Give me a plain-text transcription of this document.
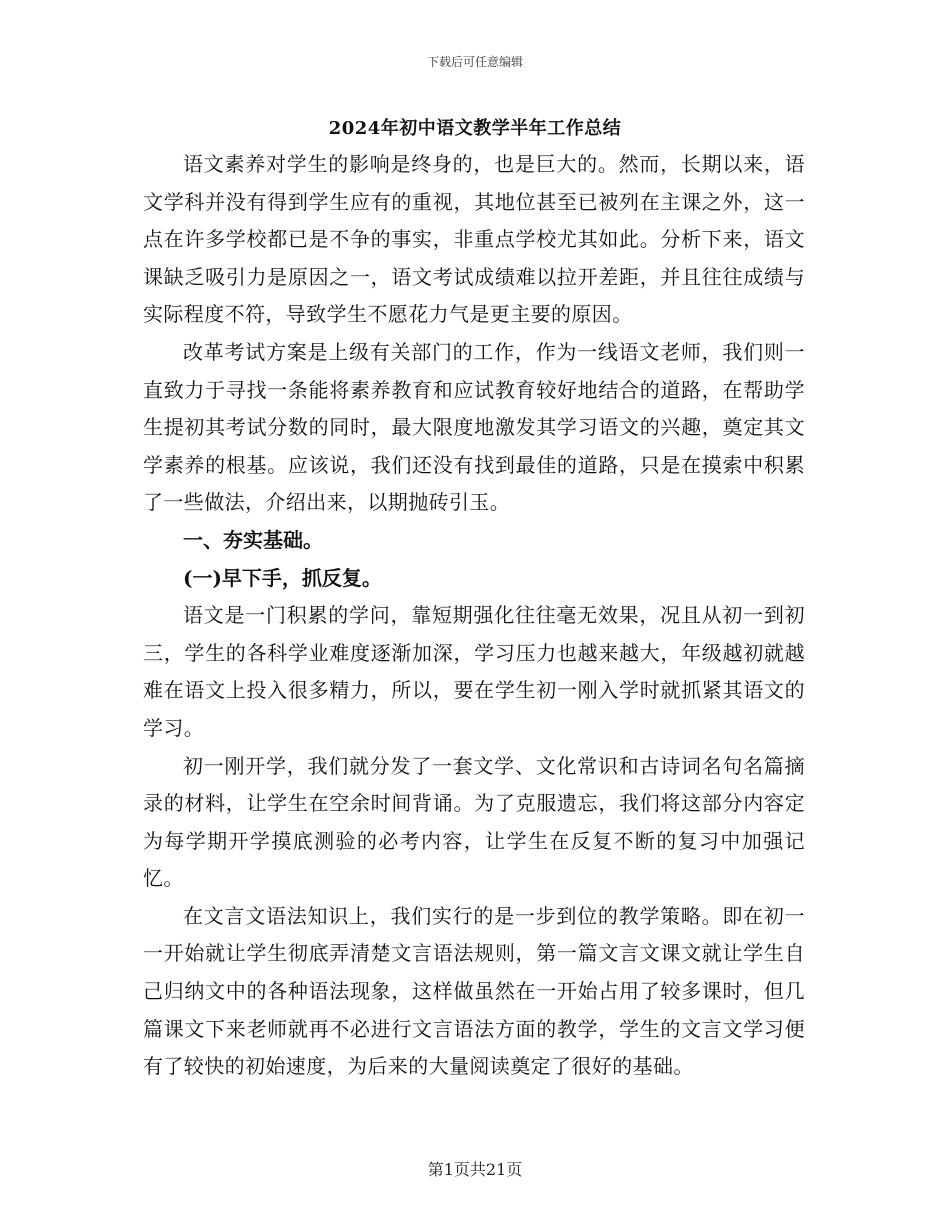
下载后可任意编辑
2024年初中语文教学半年工作总结

语文素养对学生的影响是终身的，也是巨大的。然而，长期以来，语文学科并没有得到学生应有的重视，其地位甚至已被列在主课之外，这一点在许多学校都已是不争的事实，非重点学校尤其如此。分析下来，语文课缺乏吸引力是原因之一，语文考试成绩难以拉开差距，并且往往成绩与实际程度不符，导致学生不愿花力气是更主要的原因。

改革考试方案是上级有关部门的工作，作为一线语文老师，我们则一直致力于寻找一条能将素养教育和应试教育较好地结合的道路，在帮助学生提初其考试分数的同时，最大限度地激发其学习语文的兴趣，奠定其文学素养的根基。应该说，我们还没有找到最佳的道路，只是在摸索中积累了一些做法，介绍出来，以期抛砖引玉。

一、夯实基础。

(一)早下手，抓反复。

语文是一门积累的学问，靠短期强化往往毫无效果，况且从初一到初三，学生的各科学业难度逐渐加深，学习压力也越来越大，年级越初就越难在语文上投入很多精力，所以，要在学生初一刚入学时就抓紧其语文的学习。

初一刚开学，我们就分发了一套文学、文化常识和古诗词名句名篇摘录的材料，让学生在空余时间背诵。为了克服遗忘，我们将这部分内容定为每学期开学摸底测验的必考内容，让学生在反复不断的复习中加强记忆。

在文言文语法知识上，我们实行的是一步到位的教学策略。即在初一一开始就让学生彻底弄清楚文言语法规则，第一篇文言文课文就让学生自己归纳文中的各种语法现象，这样做虽然在一开始占用了较多课时，但几篇课文下来老师就再不必进行文言语法方面的教学，学生的文言文学习便有了较快的初始速度，为后来的大量阅读奠定了很好的基础。

第1页共21页
